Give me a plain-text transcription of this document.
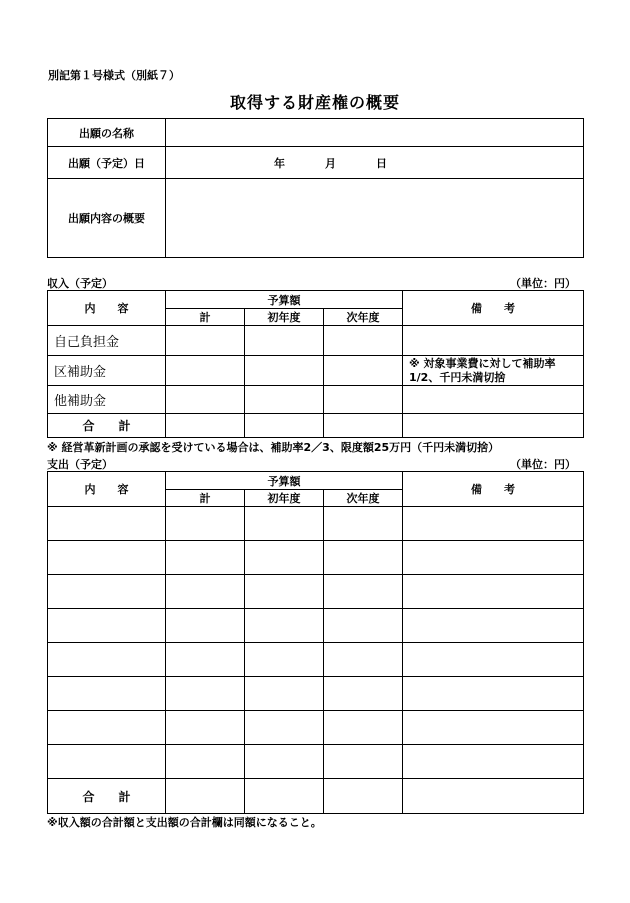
別記第１号様式（別紙７）
取得する財産権の概要
出願の名称	
出願（予定）日	年 月 日
出願内容の概要	
収入（予定）	（単位：円）
内　　容	予算額			備　　考
	計	初年度	次年度	
自己負担金				
区補助金				※ 対象事業費に対して補助率
1/2、千円未満切捨

他補助金				
合　　計				
※ 経営革新計画の承認を受けている場合は、補助率2／3、限度額25万円（千円未満切捨）
支出（予定）	（単位：円）
内　　容	予算額			備　　考
	計	初年度	次年度	

合　　計				
※収入額の合計額と支出額の合計欄は同額になること。
